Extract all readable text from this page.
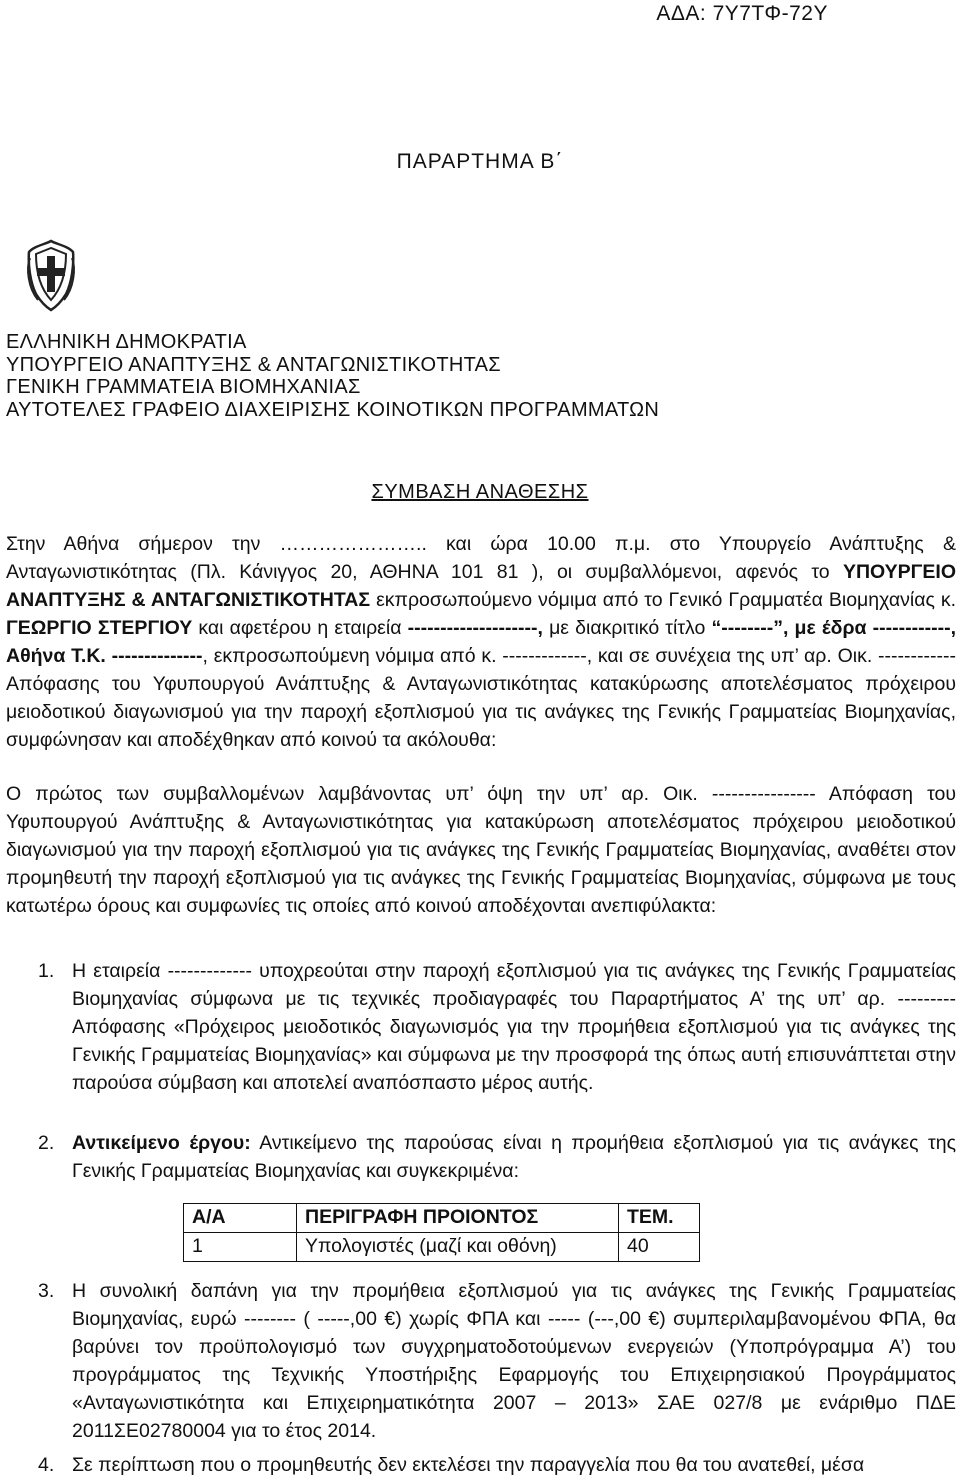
ΑΔΑ: 7Υ7ΤΦ-72Υ
ΠΑΡΑΡΤΗΜΑ Β΄
ΕΛΛΗΝΙΚΗ ΔΗΜΟΚΡΑΤΙΑ
ΥΠΟΥΡΓΕΙΟ ΑΝΑΠΤΥΞΗΣ & ΑΝΤΑΓΩΝΙΣΤΙΚΟΤΗΤΑΣ
ΓΕΝΙΚΗ ΓΡΑΜΜΑΤΕΙΑ ΒΙΟΜΗΧΑΝΙΑΣ
ΑΥΤΟΤΕΛΕΣ ΓΡΑΦΕΙΟ ΔΙΑΧΕΙΡΙΣΗΣ ΚΟΙΝΟΤΙΚΩΝ ΠΡΟΓΡΑΜΜΑΤΩΝ
ΣΥΜΒΑΣΗ ΑΝΑΘΕΣΗΣ
Στην Αθήνα σήμερον την ………………….. και ώρα 10.00 π.μ. στο Υπουργείο Ανάπτυξης & Ανταγωνιστικότητας (Πλ. Κάνιγγος 20, ΑΘΗΝΑ 101 81 ), οι συμβαλλόμενοι, αφενός το ΥΠΟΥΡΓΕΙΟ ΑΝΑΠΤΥΞΗΣ & ΑΝΤΑΓΩΝΙΣΤΙΚΟΤΗΤΑΣ εκπροσωπούμενο νόμιμα από το Γενικό Γραμματέα Βιομηχανίας κ. ΓΕΩΡΓΙΟ ΣΤΕΡΓΙΟΥ και αφετέρου η εταιρεία --------------------, με διακριτικό τίτλο “--------”, με έδρα ------------, Αθήνα Τ.Κ. --------------, εκπροσωπούμενη νόμιμα από κ. -------------, και σε συνέχεια της υπ’ αρ. Οικ. ------------Απόφασης του Υφυπουργού Ανάπτυξης & Ανταγωνιστικότητας κατακύρωσης αποτελέσματος πρόχειρου μειοδοτικού διαγωνισμού για την παροχή εξοπλισμού για τις ανάγκες της Γενικής Γραμματείας Βιομηχανίας, συμφώνησαν και αποδέχθηκαν από κοινού τα ακόλουθα:
Ο πρώτος των συμβαλλομένων λαμβάνοντας υπ’ όψη την υπ’ αρ. Οικ. ---------------- Απόφαση του Υφυπουργού Ανάπτυξης & Ανταγωνιστικότητας για κατακύρωση αποτελέσματος πρόχειρου μειοδοτικού διαγωνισμού για την παροχή εξοπλισμού για τις ανάγκες της Γενικής Γραμματείας Βιομηχανίας, αναθέτει στον προμηθευτή την παροχή εξοπλισμού για τις ανάγκες της Γενικής Γραμματείας Βιομηχανίας, σύμφωνα με τους κατωτέρω όρους και συμφωνίες τις οποίες από κοινού αποδέχονται ανεπιφύλακτα:
1. Η εταιρεία ------------- υποχρεούται στην παροχή εξοπλισμού για τις ανάγκες της Γενικής Γραμματείας Βιομηχανίας σύμφωνα με τις τεχνικές προδιαγραφές του Παραρτήματος Α’ της υπ’ αρ. --------- Απόφασης «Πρόχειρος μειοδοτικός διαγωνισμός για την προμήθεια εξοπλισμού για τις ανάγκες της Γενικής Γραμματείας Βιομηχανίας» και σύμφωνα με την προσφορά της όπως αυτή επισυνάπτεται στην παρούσα σύμβαση και αποτελεί αναπόσπαστο μέρος αυτής.
2. Αντικείμενο έργου: Αντικείμενο της παρούσας είναι η προμήθεια εξοπλισμού για τις ανάγκες της Γενικής Γραμματείας Βιομηχανίας και συγκεκριμένα:
Α/Α	ΠΕΡΙΓΡΑΦΗ ΠΡΟΙΟΝΤΟΣ	ΤΕΜ.
1	Υπολογιστές (μαζί και οθόνη)	40
3. Η συνολική δαπάνη για την προμήθεια εξοπλισμού για τις ανάγκες της Γενικής Γραμματείας Βιομηχανίας, ευρώ -------- ( -----,00 €) χωρίς ΦΠΑ και ----- (---,00 €) συμπεριλαμβανομένου ΦΠΑ, θα βαρύνει τον προϋπολογισμό των συγχρηματοδοτούμενων ενεργειών (Υποπρόγραμμα Α’) του προγράμματος της Τεχνικής Υποστήριξης Εφαρμογής του Επιχειρησιακού Προγράμματος «Ανταγωνιστικότητα και Επιχειρηματικότητα 2007 – 2013» ΣΑΕ 027/8 με ενάριθμο ΠΔΕ 2011ΣΕ02780004 για το έτος 2014.
4. Σε περίπτωση που ο προμηθευτής δεν εκτελέσει την παραγγελία που θα του ανατεθεί, μέσα
